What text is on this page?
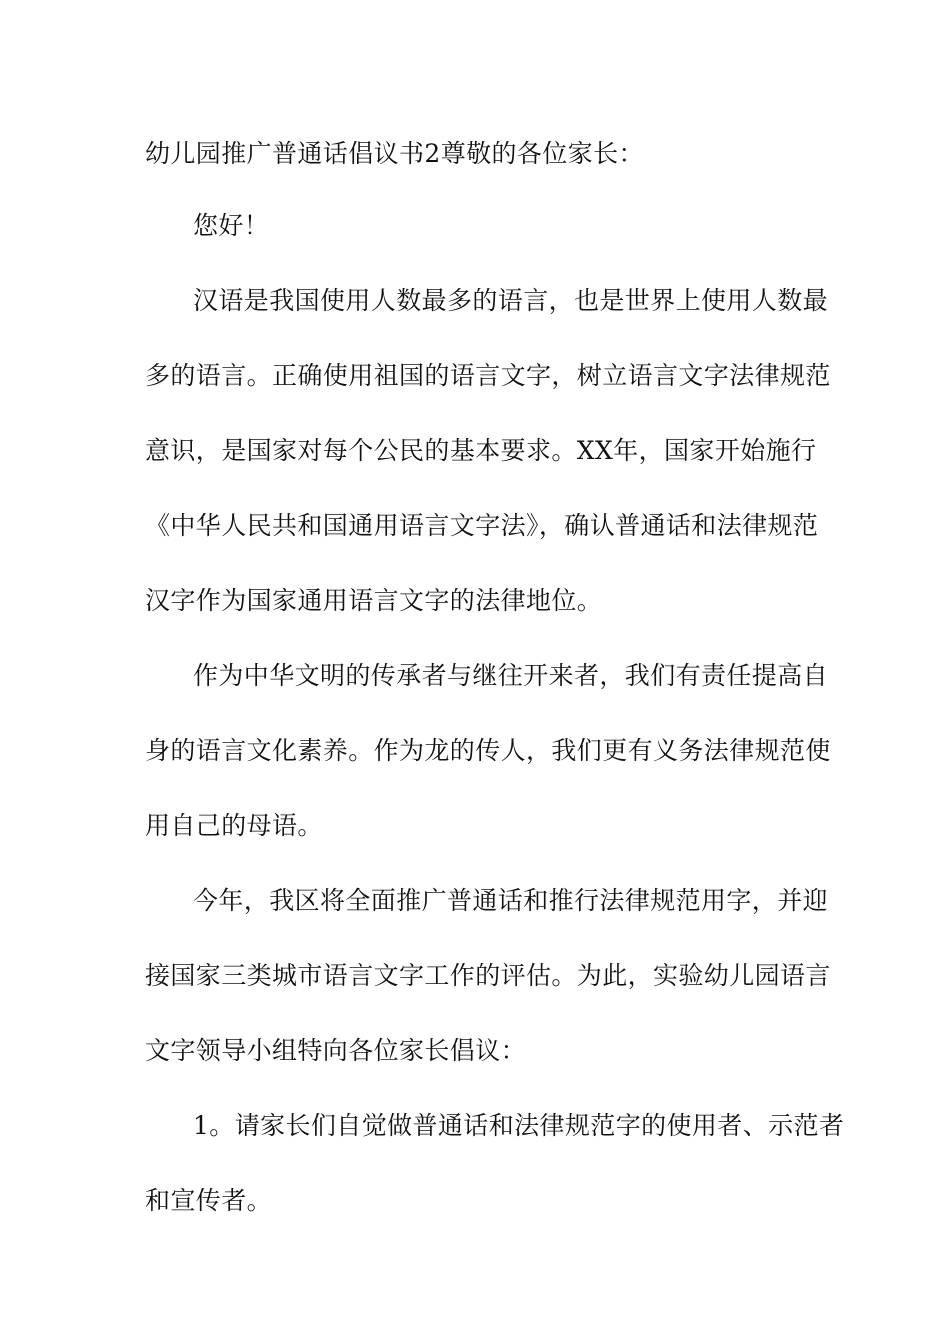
幼儿园推广普通话倡议书2尊敬的各位家长：
您好！
汉语是我国使用人数最多的语言，也是世界上使用人数最
多的语言。正确使用祖国的语言文字，树立语言文字法律规范
意识，是国家对每个公民的基本要求。XX年，国家开始施行
《中华人民共和国通用语言文字法》，确认普通话和法律规范
汉字作为国家通用语言文字的法律地位。
作为中华文明的传承者与继往开来者，我们有责任提高自
身的语言文化素养。作为龙的传人，我们更有义务法律规范使
用自己的母语。
今年，我区将全面推广普通话和推行法律规范用字，并迎
接国家三类城市语言文字工作的评估。为此，实验幼儿园语言
文字领导小组特向各位家长倡议：
1。请家长们自觉做普通话和法律规范字的使用者、示范者
和宣传者。
